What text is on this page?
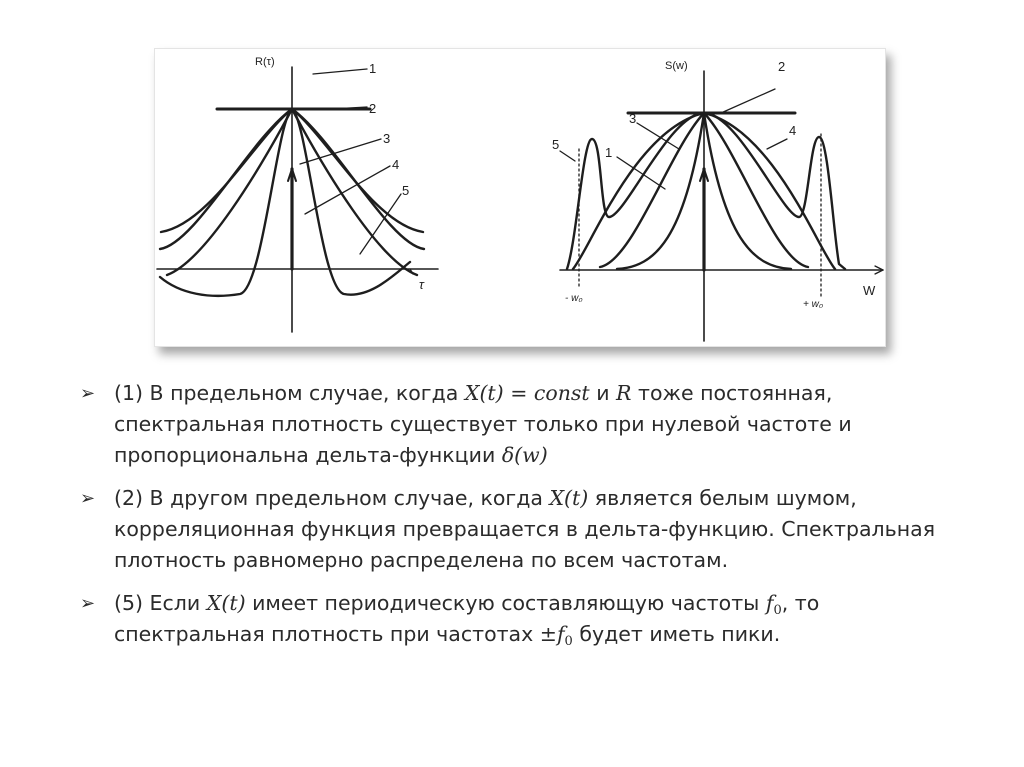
R(τ)
τ
1
2
3
4
5
S(w)
W
- w₀
+ w₀
2
3
1
5
4
➢ (1) В предельном случае, когда X(t) = const и R тоже постоянная, спектральная плотность существует только при нулевой частоте и пропорциональна дельта-функции δ(w)
➢ (2) В другом предельном случае, когда X(t) является белым шумом, корреляционная функция превращается в дельта-функцию. Спектральная плотность равномерно распределена по всем частотам.
➢ (5) Если X(t) имеет периодическую составляющую частоты $f_0$, то спектральная плотность при частотах $\pm f_0$ будет иметь пики.
